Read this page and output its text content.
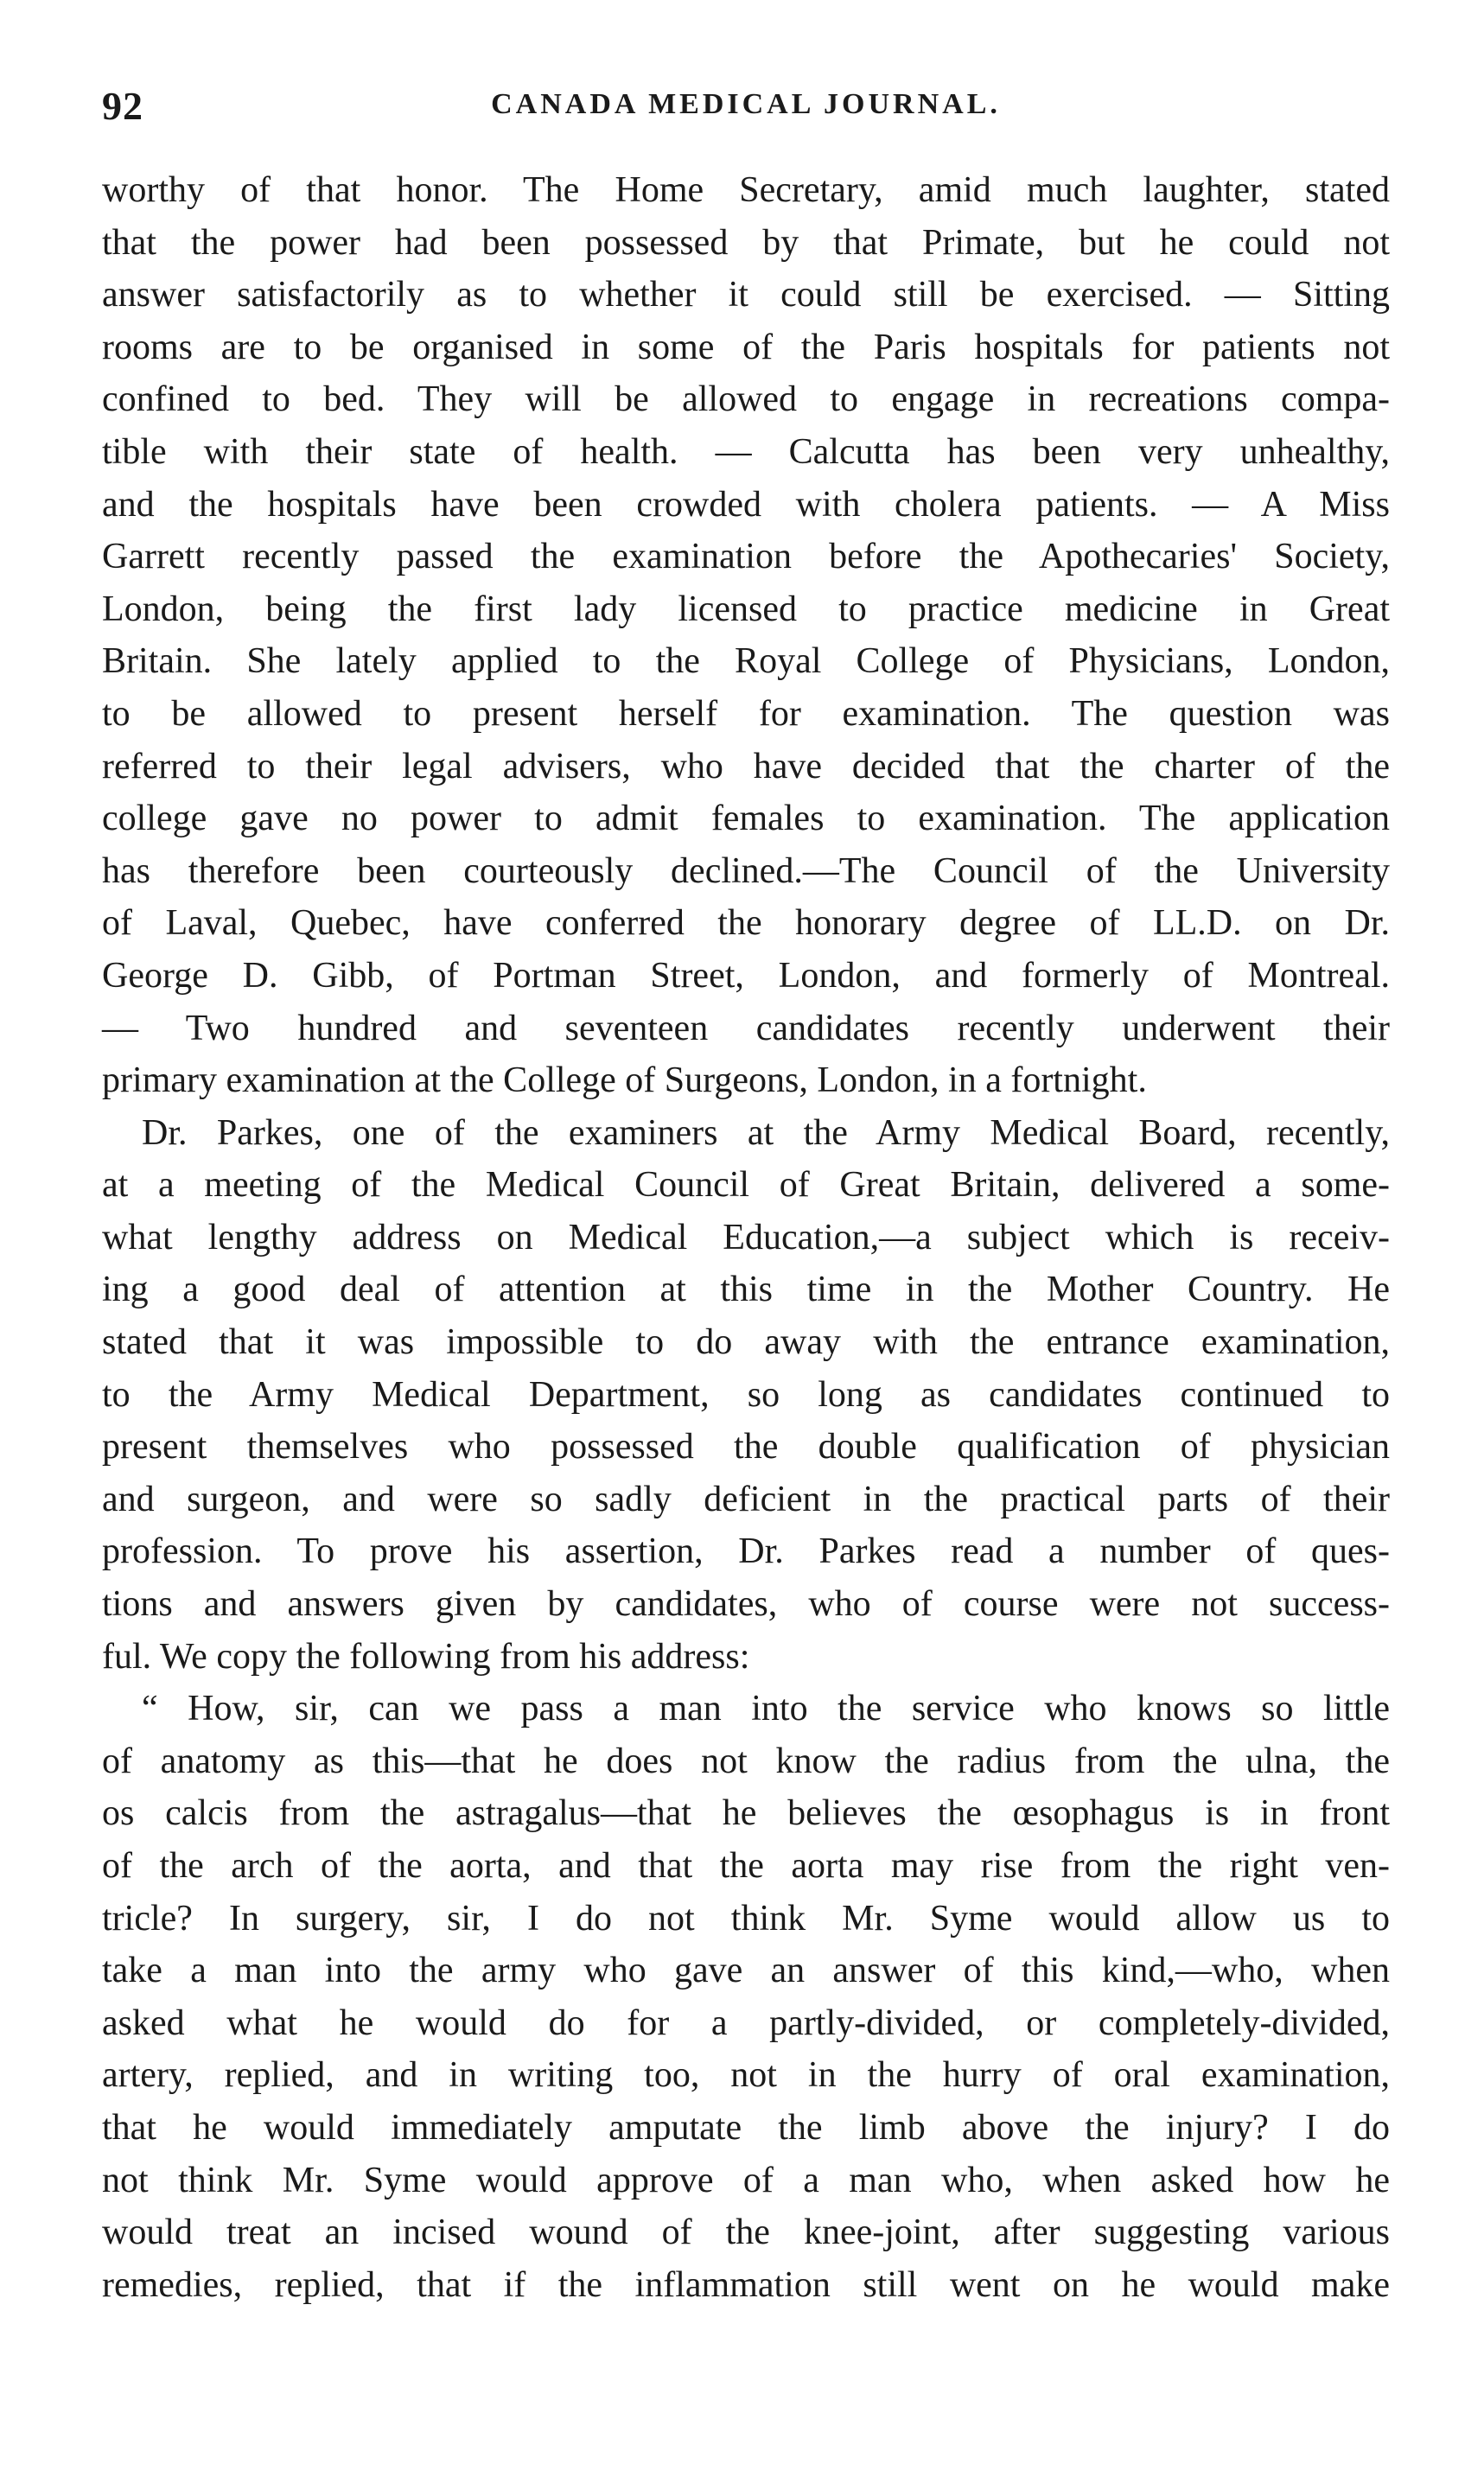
92	CANADA MEDICAL JOURNAL.
worthy of that honor. The Home Secretary, amid much laughter, stated
that the power had been possessed by that Primate, but he could not
answer satisfactorily as to whether it could still be exercised. — Sitting
rooms are to be organised in some of the Paris hospitals for patients not
confined to bed. They will be allowed to engage in recreations compa-
tible with their state of health. — Calcutta has been very unhealthy,
and the hospitals have been crowded with cholera patients. — A Miss
Garrett recently passed the examination before the Apothecaries' Society,
London, being the first lady licensed to practice medicine in Great
Britain. She lately applied to the Royal College of Physicians, London,
to be allowed to present herself for examination. The question was
referred to their legal advisers, who have decided that the charter of the
college gave no power to admit females to examination. The application
has therefore been courteously declined.—The Council of the University
of Laval, Quebec, have conferred the honorary degree of LL.D. on Dr.
George D. Gibb, of Portman Street, London, and formerly of Montreal.
— Two hundred and seventeen candidates recently underwent their
primary examination at the College of Surgeons, London, in a fortnight.
Dr. Parkes, one of the examiners at the Army Medical Board, recently,
at a meeting of the Medical Council of Great Britain, delivered a some-
what lengthy address on Medical Education,—a subject which is receiv-
ing a good deal of attention at this time in the Mother Country. He
stated that it was impossible to do away with the entrance examination,
to the Army Medical Department, so long as candidates continued to
present themselves who possessed the double qualification of physician
and surgeon, and were so sadly deficient in the practical parts of their
profession. To prove his assertion, Dr. Parkes read a number of ques-
tions and answers given by candidates, who of course were not success-
ful. We copy the following from his address:
“ How, sir, can we pass a man into the service who knows so little
of anatomy as this—that he does not know the radius from the ulna, the
os calcis from the astragalus—that he believes the œsophagus is in front
of the arch of the aorta, and that the aorta may rise from the right ven-
tricle? In surgery, sir, I do not think Mr. Syme would allow us to
take a man into the army who gave an answer of this kind,—who, when
asked what he would do for a partly-divided, or completely-divided,
artery, replied, and in writing too, not in the hurry of oral examination,
that he would immediately amputate the limb above the injury? I do
not think Mr. Syme would approve of a man who, when asked how he
would treat an incised wound of the knee-joint, after suggesting various
remedies, replied, that if the inflammation still went on he would make
